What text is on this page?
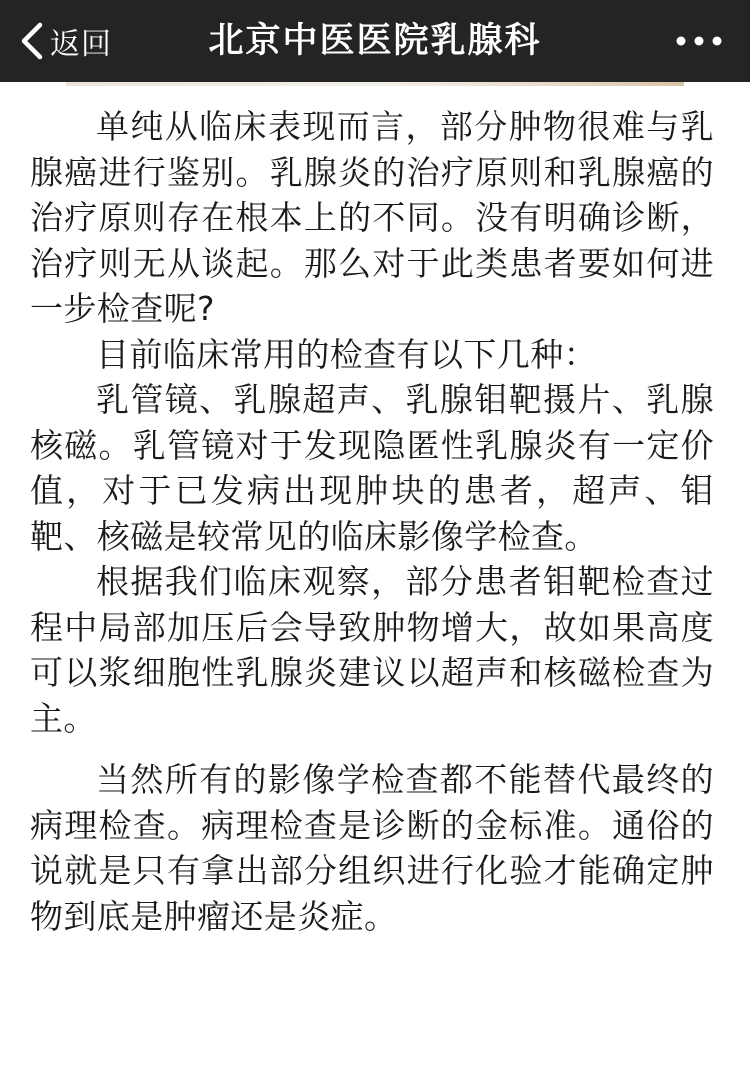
返回	北京中医医院乳腺科

单纯从临床表现而言，部分肿物很难与乳腺癌进行鉴别。乳腺炎的治疗原则和乳腺癌的治疗原则存在根本上的不同。没有明确诊断，治疗则无从谈起。那么对于此类患者要如何进一步检查呢?

目前临床常用的检查有以下几种：

乳管镜、乳腺超声、乳腺钼靶摄片、乳腺核磁。乳管镜对于发现隐匿性乳腺炎有一定价值，对于已发病出现肿块的患者，超声、钼靶、核磁是较常见的临床影像学检查。

根据我们临床观察，部分患者钼靶检查过程中局部加压后会导致肿物增大，故如果高度可以浆细胞性乳腺炎建议以超声和核磁检查为主。

当然所有的影像学检查都不能替代最终的病理检查。病理检查是诊断的金标准。通俗的说就是只有拿出部分组织进行化验才能确定肿物到底是肿瘤还是炎症。
